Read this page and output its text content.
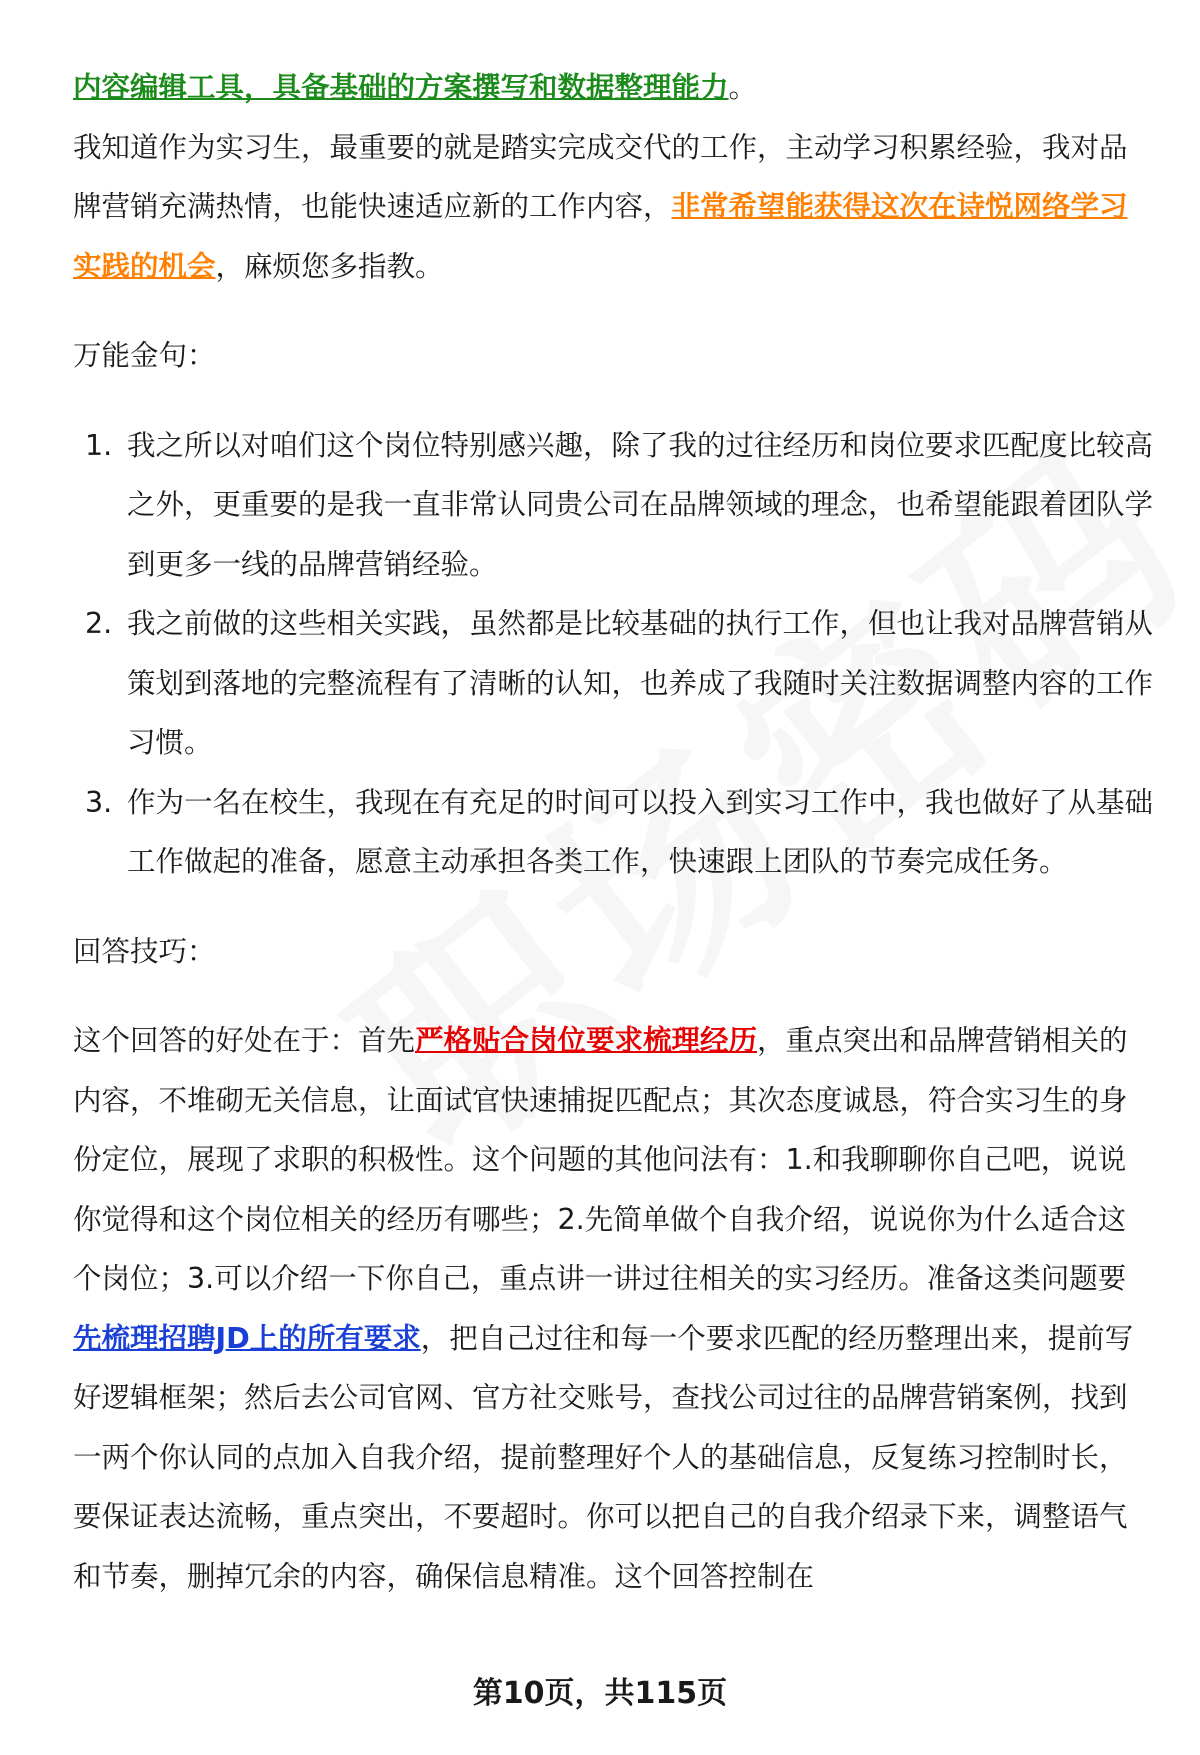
内容编辑工具，具备基础的方案撰写和数据整理能力。

我知道作为实习生，最重要的就是踏实完成交代的工作，主动学习积累经验，我对品牌营销充满热情，也能快速适应新的工作内容，非常希望能获得这次在诗悦网络学习实践的机会，麻烦您多指教。

万能金句：

1. 我之所以对咱们这个岗位特别感兴趣，除了我的过往经历和岗位要求匹配度比较高之外，更重要的是我一直非常认同贵公司在品牌领域的理念，也希望能跟着团队学到更多一线的品牌营销经验。
2. 我之前做的这些相关实践，虽然都是比较基础的执行工作，但也让我对品牌营销从策划到落地的完整流程有了清晰的认知，也养成了我随时关注数据调整内容的工作习惯。
3. 作为一名在校生，我现在有充足的时间可以投入到实习工作中，我也做好了从基础工作做起的准备，愿意主动承担各类工作，快速跟上团队的节奏完成任务。

回答技巧：

这个回答的好处在于：首先严格贴合岗位要求梳理经历，重点突出和品牌营销相关的内容，不堆砌无关信息，让面试官快速捕捉匹配点；其次态度诚恳，符合实习生的身份定位，展现了求职的积极性。这个问题的其他问法有：1.和我聊聊你自己吧，说说你觉得和这个岗位相关的经历有哪些；2.先简单做个自我介绍，说说你为什么适合这个岗位；3.可以介绍一下你自己，重点讲一讲过往相关的实习经历。准备这类问题要先梳理招聘JD上的所有要求，把自己过往和每一个要求匹配的经历整理出来，提前写好逻辑框架；然后去公司官网、官方社交账号，查找公司过往的品牌营销案例，找到一两个你认同的点加入自我介绍，提前整理好个人的基础信息，反复练习控制时长，要保证表达流畅，重点突出，不要超时。你可以把自己的自我介绍录下来，调整语气和节奏，删掉冗余的内容，确保信息精准。这个回答控制在

第10页，共115页
